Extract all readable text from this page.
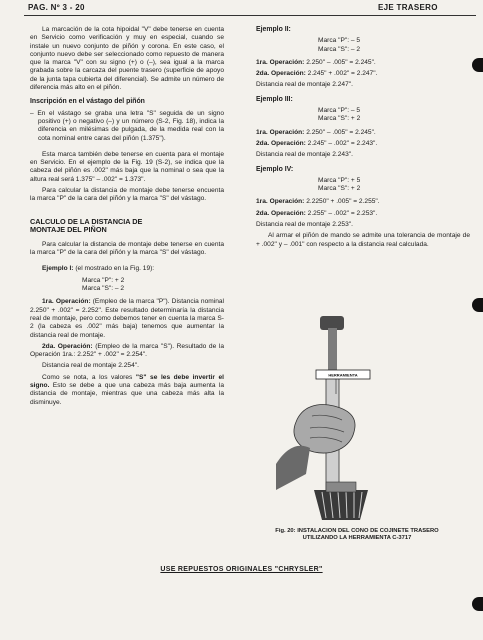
PAG. Nº 3 - 20	EJE TRASERO

La marcación de la cota hipoidal "V" debe tenerse en cuenta en Servicio como verificación y muy en especial, cuando se instale un nuevo conjunto de piñón y corona. En este caso, el conjunto nuevo debe ser seleccionado como repuesto de manera que la marca "V" con su signo (+) o (–), sea igual a la marca grabada sobre la carcaza del puente trasero (superficie de apoyo de la junta tapa cubierta del diferencial). Se admite un número de diferencia más alto en el piñón.

Inscripción en el vástago del piñón

– En el vástago se graba una letra "S" seguida de un signo positivo (+) o negativo (–) y un número (S-2, Fig. 18), indica la diferencia en milésimas de pulgada, de la medida real con la cota nominal entre caras del piñón (1.375").

Esta marca también debe tenerse en cuenta para el montaje en Servicio. En el ejemplo de la Fig. 19 (S-2), se indica que la cabeza del piñón es .002" más baja que la nominal o sea que la altura real será 1.375" – .002" = 1.373".

Para calcular la distancia de montaje debe tenerse encuenta la marca "P" de la cara del piñón y la marca "S" del vástago.

CALCULO DE LA DISTANCIA DE
MONTAJE DEL PIÑON

Para calcular la distancia de montaje debe tenerse en cuenta la marca "P" de la cara del piñón y la marca "S" del vástago.

Ejemplo I: (el mostrado en la Fig. 19):

Marca "P": + 2

Marca "S": – 2

1ra. Operación: (Empleo de la marca "P"). Distancia nominal 2.250" + .002" = 2.252". Este resultado determinaría la distancia real de montaje, pero como debemos tener en cuenta la marca S-2 (la cabeza es .002" más baja) tenemos que aumentar la distancia real de montaje.

2da. Operación: (Empleo de la marca "S"). Resultado de la Operación 1ra.: 2.252" + .002" = 2.254".

Distancia real de montaje 2.254".

Como se nota, a los valores "S" se les debe invertir el signo. Esto se debe a que una cabeza más baja aumenta la distancia de montaje, mientras que una cabeza más alta la disminuye.

Ejemplo II:

Marca "P": – 5

Marca "S": – 2

1ra. Operación: 2.250" – .005" = 2.245".

2da. Operación: 2.245" + .002" = 2.247".

Distancia real de montaje 2.247".

Ejemplo III:

Marca "P": – 5

Marca "S": + 2

1ra. Operación: 2.250" – .005" = 2.245".

2da. Operación: 2.245" – .002" = 2.243".

Distancia real de montaje 2.243".

Ejemplo IV:

Marca "P": + 5

Marca "S": + 2

1ra. Operación: 2.2250" + .005" = 2.255".

2da. Operación: 2.255" – .002" = 2.253".

Distancia real de montaje 2.253".

Al armar el piñón de mando se admite una tolerancia de montaje de + .002" y – .001" con respecto a la distancia real calculada.

HERRAMIENTA
Fig. 20: INSTALACION DEL CONO DE COJINETE TRASERO
UTILIZANDO LA HERRAMIENTA C-3717
USE REPUESTOS ORIGINALES "CHRYSLER"
